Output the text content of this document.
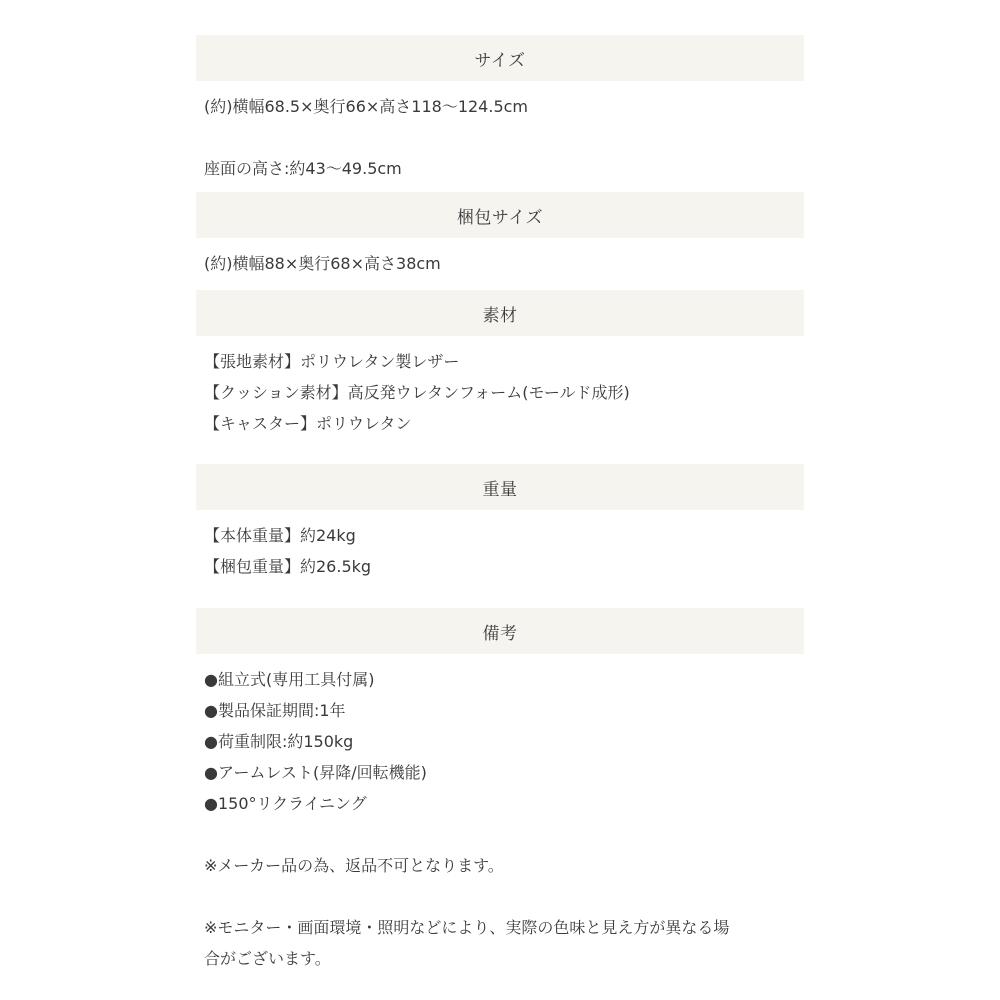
サイズ
(約)横幅68.5×奥行66×高さ118〜124.5cm
座面の高さ:約43〜49.5cm
梱包サイズ
(約)横幅88×奥行68×高さ38cm
素材
【張地素材】ポリウレタン製レザー
【クッション素材】高反発ウレタンフォーム(モールド成形)
【キャスター】ポリウレタン
重量
【本体重量】約24kg
【梱包重量】約26.5kg
備考
●組立式(専用工具付属)
●製品保証期間:1年
●荷重制限:約150kg
●アームレスト(昇降/回転機能)
●150°リクライニング
※メーカー品の為、返品不可となります。
※モニター・画面環境・照明などにより、実際の色味と見え方が異なる場
合がございます。
